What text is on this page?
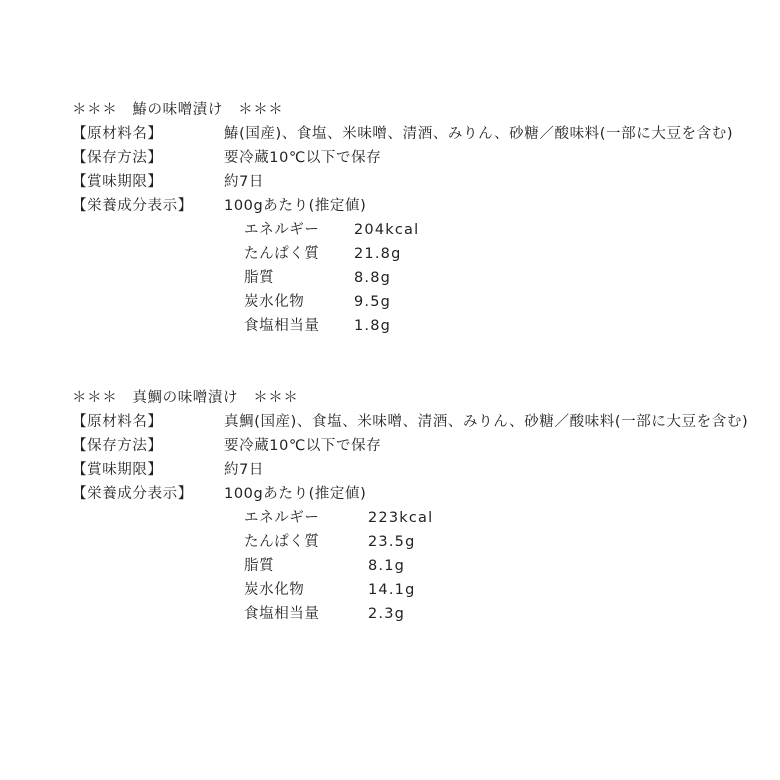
＊＊＊　鰆の味噌漬け　＊＊＊
【原材料名】	鰆(国産)、食塩、米味噌、清酒、みりん、砂糖／酸味料(一部に大豆を含む)
【保存方法】	要冷蔵10℃以下で保存
【賞味期限】	約7日
【栄養成分表示】 100gあたり(推定値)
エネルギー 204kcal
たんぱく質 21.8g
脂質	8.8g
炭水化物	9.5g
食塩相当量 1.8g
＊＊＊　真鯛の味噌漬け　＊＊＊
【原材料名】	真鯛(国産)、食塩、米味噌、清酒、みりん、砂糖／酸味料(一部に大豆を含む)
【保存方法】	要冷蔵10℃以下で保存
【賞味期限】	約7日
【栄養成分表示】 100gあたり(推定値)
エネルギー	223kcal
たんぱく質	23.5g
脂質	8.1g
炭水化物	14.1g
食塩相当量	2.3g
